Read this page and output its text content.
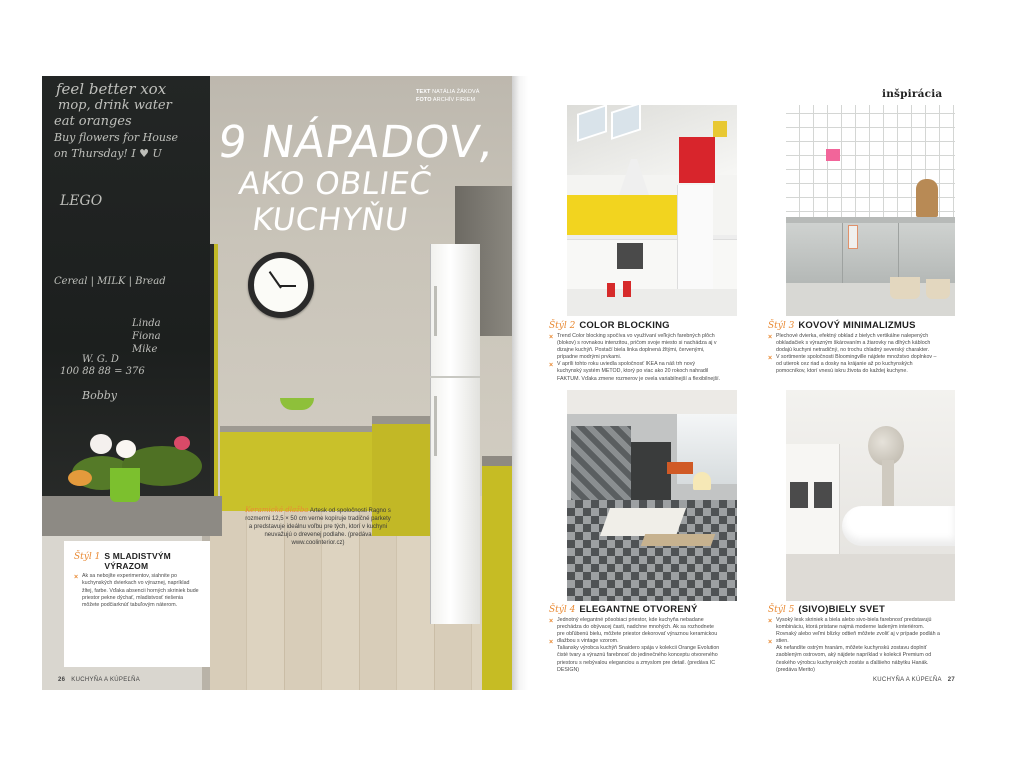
feel better xox
mop, drink water
eat oranges
Buy flowers for House
on Thursday! I ♥ U
LEGO
Cereal | MILK | Bread
Linda
Fiona
Mike
W. G. D
100 88 88 = 376
Bobby
TEXT NATÁLIA ŽÁKOVÁ
FOTO ARCHÍV FIRIEM
9 NÁPADOV,
AKO OBLIEČ KUCHYŇU
Štýl 1 S MLADISTVÝM VÝRAZOM
× Ak sa nebojíte experimentov, siahnite po kuchynských dvierkach vo výraznej, napríklad žltej, farbe. Vďaka absencii horných skriniek bude priestor pekne dýchať, mladistvosť riešenia môžete podčiarknúť tabuľovým náterom.
Keramická dlažba Artesk od spoločnosti Ragno s rozmermi 12,5 × 50 cm verne kopíruje tradičné parkety a predstavuje ideálnu voľbu pre tých, ktorí v kuchyni neuvažujú o drevenej podlahe. (predáva www.coolinterior.cz)
26 KUCHYŇA A KÚPEĽŇA
inšpirácia
Štýl 2 COLOR BLOCKING
×
×
Trend Color blocking spočíva vo využívaní veľkých farebných plôch (blokov) s rovnakou intenzitou, pričom svoje miesto si nachádza aj v dizajne kuchýň. Postačí biela linka doplnená žltými, červenými, prípadne modrými prvkami.
V apríli tohto roku uviedla spoločnosť IKEA na náš trh nový kuchynský systém METOD, ktorý po viac ako 20 rokoch nahradil FAKTUM. Vďaka zmene rozmerov je ovela variabilnejší a flexibilnejší.
Štýl 3 KOVOVÝ MINIMALIZMUS
×
×
Plechové dvierka, efektný obklad z bielych vertikálne nalepených obkladačiek s výrazným škárovaním a žiarovky na dlhých kábloch dodajú kuchyni netradičný, no trochu chladný severský charakter.
V sortimente spoločnosti Bloomingville nájdete množstvo doplnkov – od utierok cez riad a dosky na krájanie až po kuchynských pomocníkov, ktorí vnesú iskru života do každej kuchyne.
Štýl 4 ELEGANTNE OTVORENÝ
×
×
Jednotný elegantné pôsobiaci priestor, kde kuchyňa nebadane prechádza do obývacej časti, nadchne mnohých. Ak sa rozhodnete pre obľúbenú bielu, môžete priestor dekorovať výraznou keramickou dlažbou s vintage vzorom.
Taliansky výrobca kuchýň Snaidero spája v kolekcii Orange Evolution čisté tvary a výraznú farebnosť do jedinečného konceptu otvoreného priestoru s nebývalou eleganciou a zmyslom pre detail. (predáva IC DESIGN)
Štýl 5 (SIVO)BIELY SVET
×
×
Vysoký lesk skriniek a biela alebo sivo-biela farebnosť predstavujú kombináciu, ktorá pristane najmä moderne ladeným interiérom. Rovnaký alebo veľmi blízky odtieň môžete zvoliť aj v prípade podláh a stien.
Ak nefandíte ostrým hranám, môžete kuchynskú zostavu doplniť zaobleným ostrovom, aký nájdete napríklad v kolekcii Premium od českého výrobcu kuchynských zostáv a ďalšieho nábytku Hanák. (predáva Merito)
KUCHYŇA A KÚPEĽŇA 27
